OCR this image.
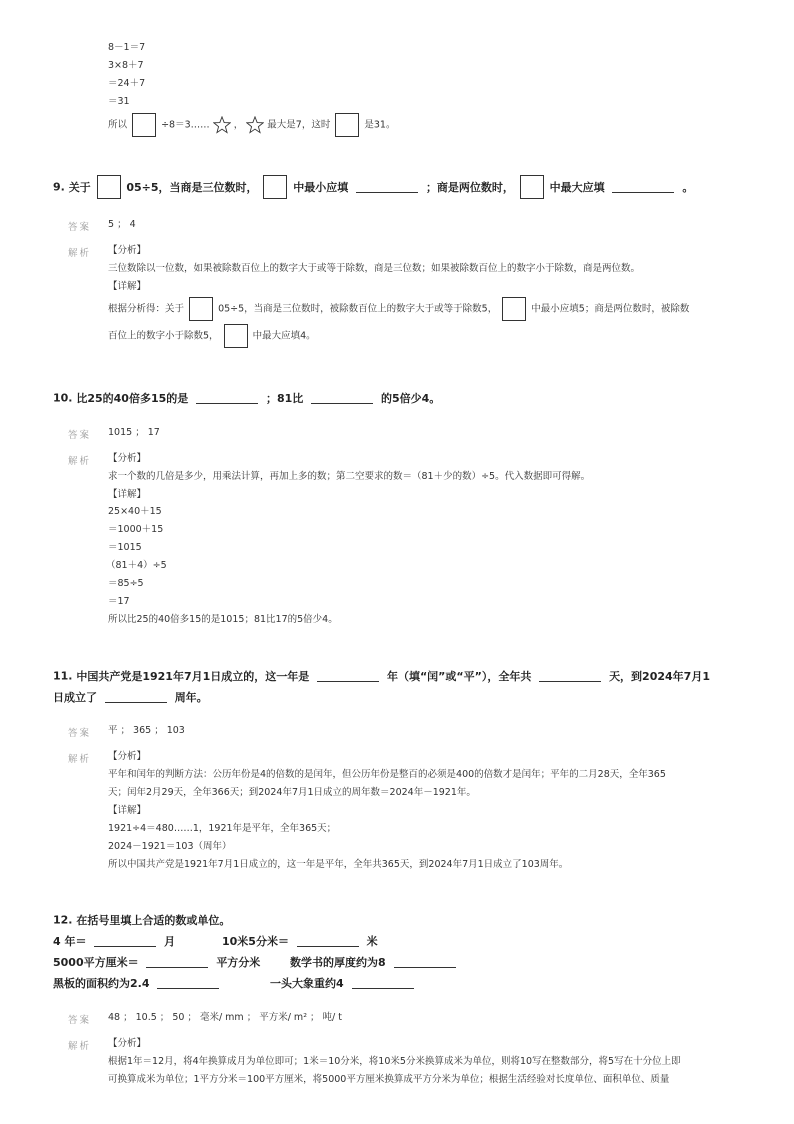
8－1＝7
3×8＋7
＝24＋7
＝31
所以	÷8＝3……	，	最大是7，这时	是31。
9. 关于	05÷5，当商是三位数时，	中最小应填	；商是两位数时，	中最大应填	。
答案 5 ； 4
解析 【分析】
三位数除以一位数，如果被除数百位上的数字大于或等于除数，商是三位数；如果被除数百位上的数字小于除数，商是两位数。
【详解】
根据分析得：关于	05÷5，当商是三位数时，被除数百位上的数字大于或等于除数5，	中最小应填5；商是两位数时，被除数
百位上的数字小于除数5，	中最大应填4。
10. 比25的40倍多15的是	；81比	的5倍少4。
答案 1015 ； 17
解析 【分析】
求一个数的几倍是多少，用乘法计算，再加上多的数；第二空要求的数＝（81＋少的数）÷5。代入数据即可得解。
【详解】
25×40＋15
＝1000＋15
＝1015
（81＋4）÷5
＝85÷5
＝17
所以比25的40倍多15的是1015；81比17的5倍少4。
11. 中国共产党是1921年7月1日成立的，这一年是	年（填“闰”或“平”），全年共	天，到2024年7月1
日成立了	周年。
答案 平 ； 365 ； 103
解析 【分析】
平年和闰年的判断方法：公历年份是4的倍数的是闰年，但公历年份是整百的必须是400的倍数才是闰年；平年的二月28天，全年365
天；闰年2月29天，全年366天；到2024年7月1日成立的周年数＝2024年－1921年。
【详解】
1921÷4＝480……1，1921年是平年，全年365天；
2024－1921＝103（周年）
所以中国共产党是1921年7月1日成立的，这一年是平年，全年共365天，到2024年7月1日成立了103周年。
12. 在括号里填上合适的数或单位。
4 年＝	月	10米5分米＝	米
5000平方厘米＝	平方分米	数学书的厚度约为8
黑板的面积约为2.4	一头大象重约4
答案 48 ； 10.5 ； 50 ； 毫米/ mm ； 平方米/ m² ； 吨/ t
解析 【分析】
根据1年＝12月，将4年换算成月为单位即可；1米＝10分米，将10米5分米换算成米为单位，则将10写在整数部分，将5写在十分位上即
可换算成米为单位；1平方分米＝100平方厘米，将5000平方厘米换算成平方分米为单位；根据生活经验对长度单位、面积单位、质量
